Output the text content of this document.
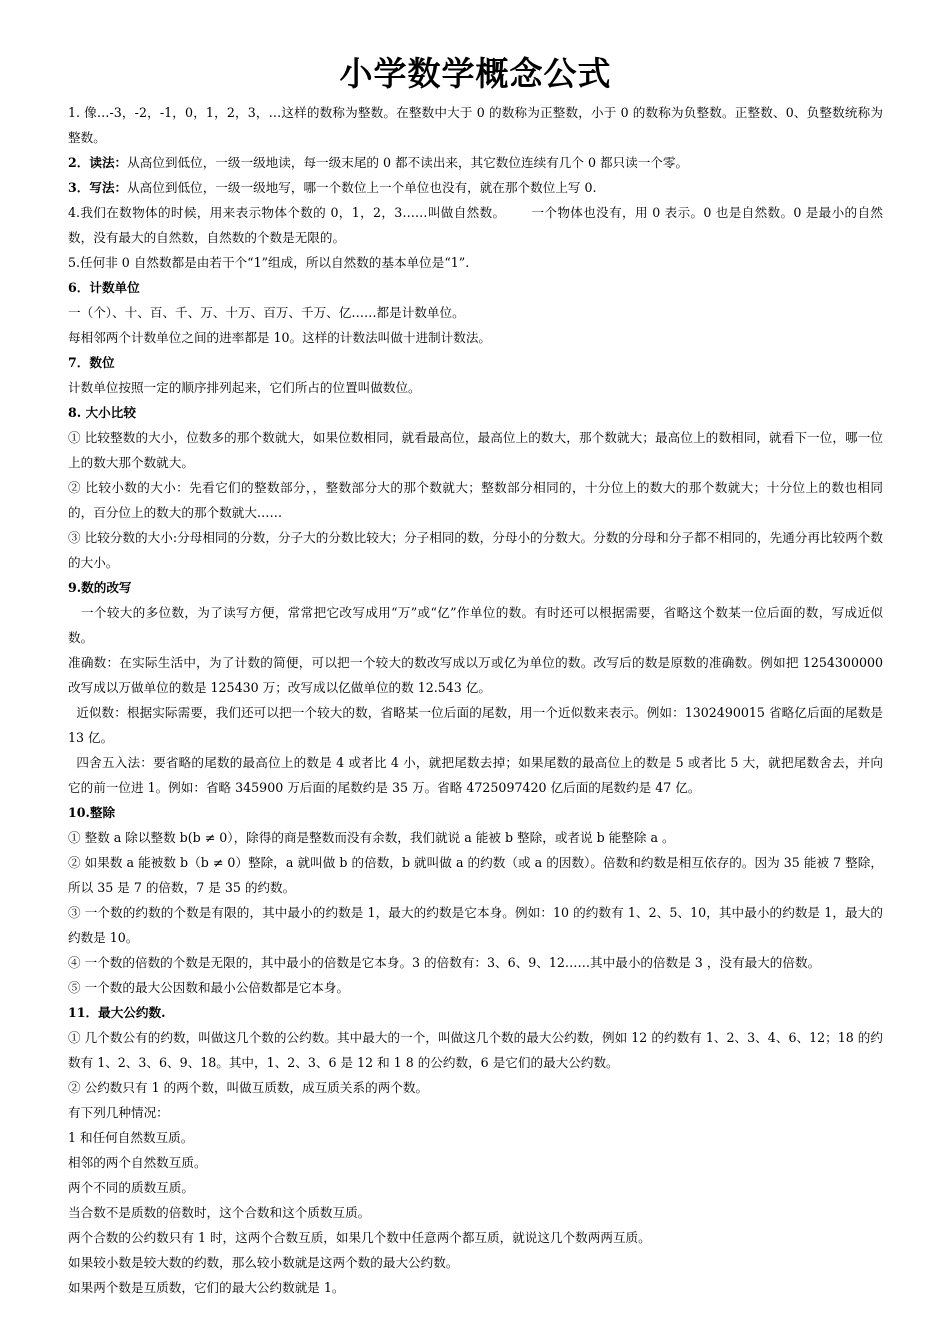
小学数学概念公式

1. 像…-3，-2，-1，0，1，2，3，…这样的数称为整数。在整数中大于 0 的数称为正整数，小于 0 的数称为负整数。正整数、0、负整数统称为整数。

2．读法：从高位到低位，一级一级地读，每一级末尾的 0 都不读出来，其它数位连续有几个 0 都只读一个零。

3．写法：从高位到低位，一级一级地写，哪一个数位上一个单位也没有，就在那个数位上写 0.

4.我们在数物体的时候，用来表示物体个数的 0，1，2，3……叫做自然数。      一个物体也没有，用 0 表示。0 也是自然数。0 是最小的自然数，没有最大的自然数，自然数的个数是无限的。

5.任何非 0 自然数都是由若干个“1”组成，所以自然数的基本单位是“1”.

6．计数单位

一（个）、十、百、千、万、十万、百万、千万、亿……都是计数单位。

每相邻两个计数单位之间的进率都是 10。这样的计数法叫做十进制计数法。

7．数位

计数单位按照一定的顺序排列起来，它们所占的位置叫做数位。

8. 大小比较

① 比较整数的大小，位数多的那个数就大，如果位数相同，就看最高位，最高位上的数大，那个数就大；最高位上的数相同，就看下一位，哪一位上的数大那个数就大。

② 比较小数的大小：先看它们的整数部分，，整数部分大的那个数就大；整数部分相同的，十分位上的数大的那个数就大；十分位上的数也相同的，百分位上的数大的那个数就大……

③ 比较分数的大小:分母相同的分数，分子大的分数比较大；分子相同的数，分母小的分数大。分数的分母和分子都不相同的，先通分再比较两个数的大小。

9.数的改写

一个较大的多位数，为了读写方便，常常把它改写成用“万”或“亿”作单位的数。有时还可以根据需要，省略这个数某一位后面的数，写成近似数。

准确数：在实际生活中，为了计数的简便，可以把一个较大的数改写成以万或亿为单位的数。改写后的数是原数的准确数。例如把 1254300000 改写成以万做单位的数是 125430 万；改写成以亿做单位的数 12.543 亿。

近似数：根据实际需要，我们还可以把一个较大的数，省略某一位后面的尾数，用一个近似数来表示。例如：1302490015 省略亿后面的尾数是 13 亿。

四舍五入法：要省略的尾数的最高位上的数是 4 或者比 4 小，就把尾数去掉；如果尾数的最高位上的数是 5 或者比 5 大，就把尾数舍去，并向它的前一位进 1。例如：省略 345900 万后面的尾数约是 35 万。省略 4725097420 亿后面的尾数约是 47 亿。

10.整除

① 整数 a 除以整数 b(b ≠ 0），除得的商是整数而没有余数，我们就说 a 能被 b 整除，或者说 b 能整除 a 。

② 如果数 a 能被数 b（b ≠ 0）整除，a 就叫做 b 的倍数，b 就叫做 a 的约数（或 a 的因数）。倍数和约数是相互依存的。因为 35 能被 7 整除，所以 35 是 7 的倍数，7 是 35 的约数。

③ 一个数的约数的个数是有限的，其中最小的约数是 1，最大的约数是它本身。例如：10 的约数有 1、2、5、10，其中最小的约数是 1，最大的约数是 10。

④ 一个数的倍数的个数是无限的，其中最小的倍数是它本身。3 的倍数有：3、6、9、12……其中最小的倍数是 3 ，没有最大的倍数。

⑤ 一个数的最大公因数和最小公倍数都是它本身。

11．最大公约数.

① 几个数公有的约数，叫做这几个数的公约数。其中最大的一个，叫做这几个数的最大公约数，例如 12 的约数有 1、2、3、4、6、12；18 的约数有 1、2、3、6、9、18。其中，1、2、3、6 是 12 和 1 8 的公约数，6 是它们的最大公约数。

② 公约数只有 1 的两个数，叫做互质数，成互质关系的两个数。

有下列几种情况：

1 和任何自然数互质。

相邻的两个自然数互质。

两个不同的质数互质。

当合数不是质数的倍数时，这个合数和这个质数互质。

两个合数的公约数只有 1 时，这两个合数互质，如果几个数中任意两个都互质，就说这几个数两两互质。

如果较小数是较大数的约数，那么较小数就是这两个数的最大公约数。

如果两个数是互质数，它们的最大公约数就是 1。
